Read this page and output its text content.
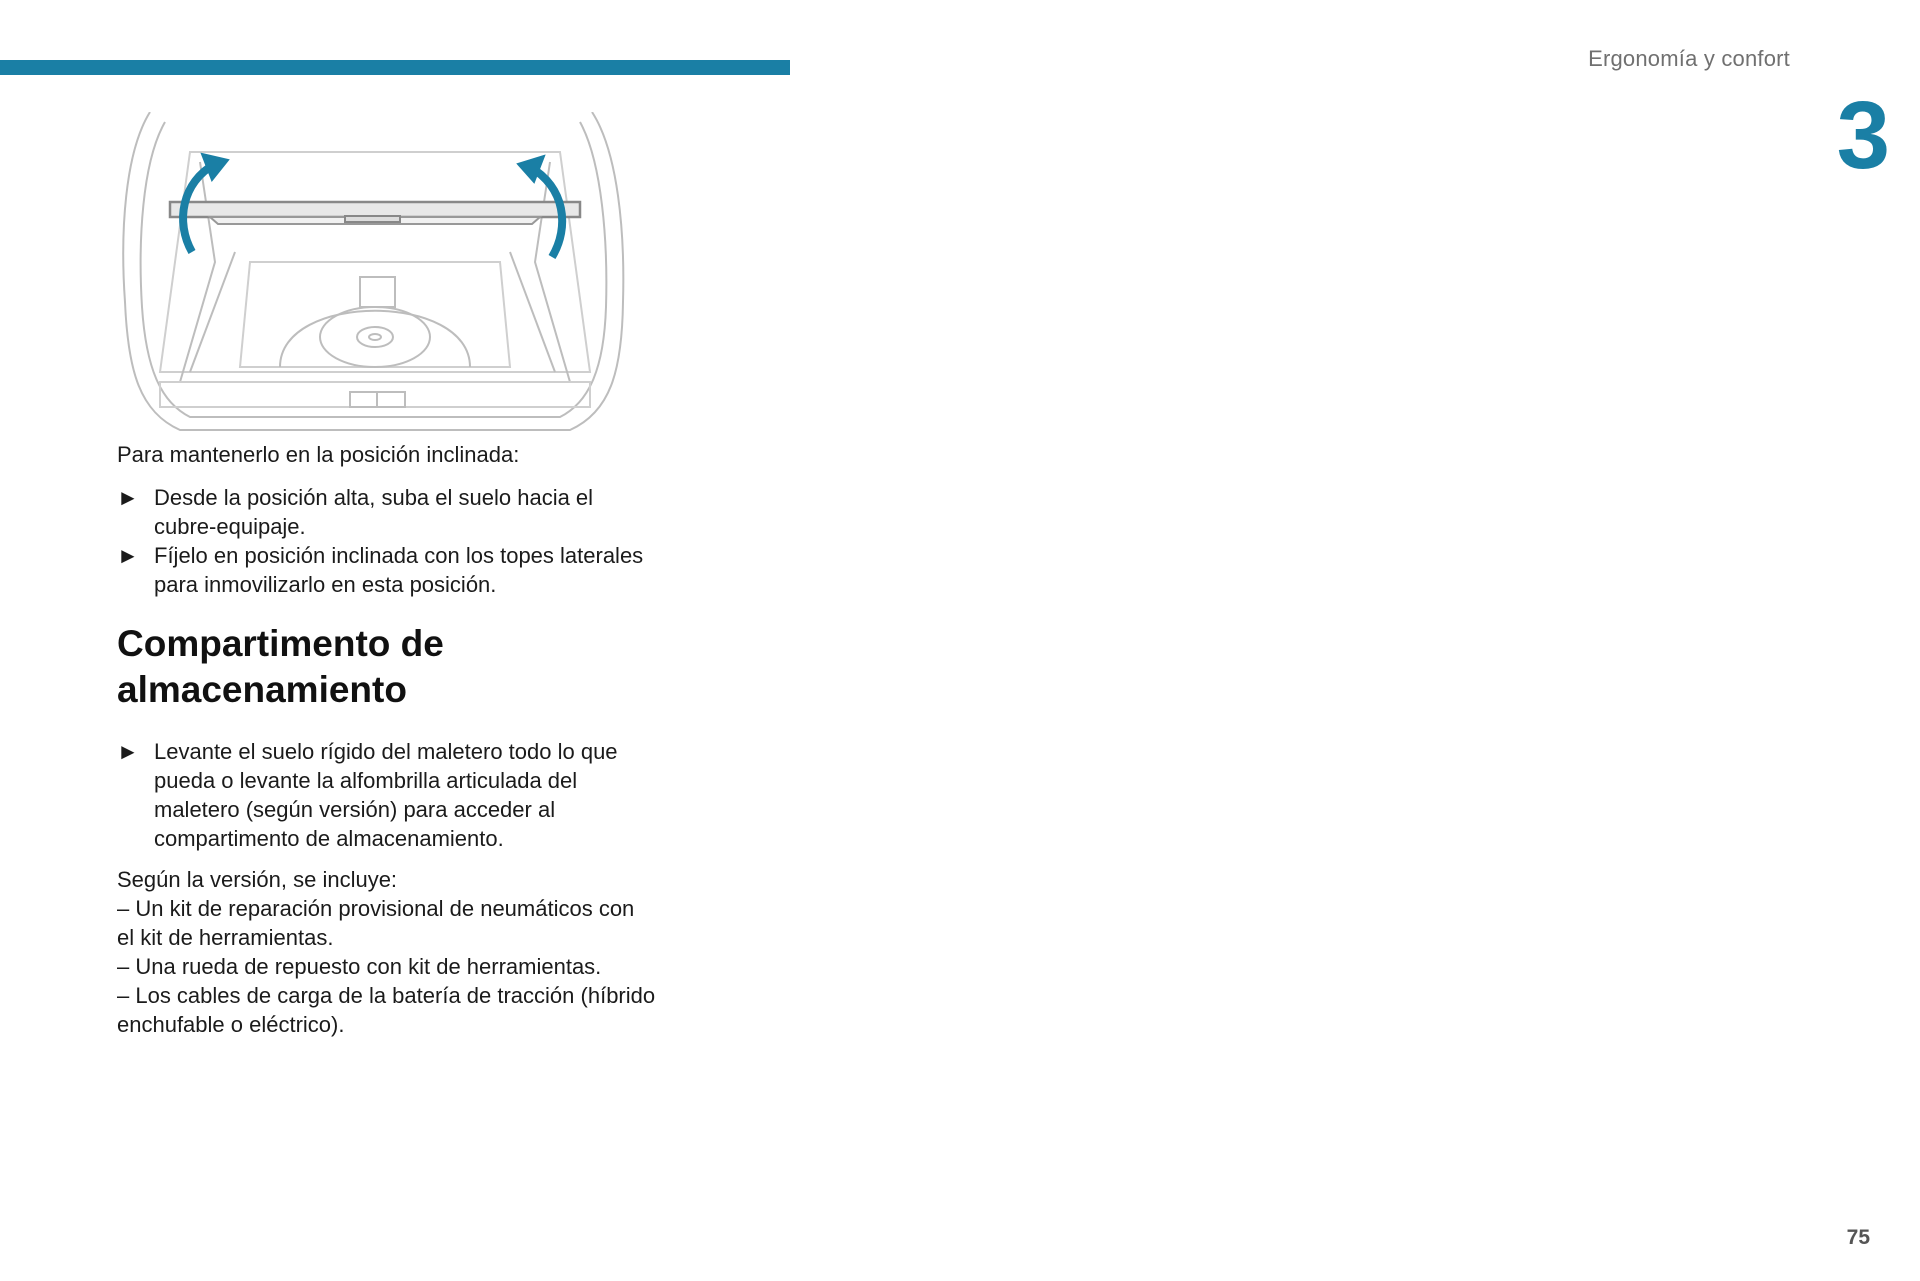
Ergonomía y confort
3

Para mantenerlo en la posición inclinada:

► Desde la posición alta, suba el suelo hacia el cubre-equipaje.

► Fíjelo en posición inclinada con los topes laterales para inmovilizarlo en esta posición.

Compartimento de
almacenamiento

► Levante el suelo rígido del maletero todo lo que pueda o levante la alfombrilla articulada del maletero (según versión) para acceder al compartimento de almacenamiento.

Según la versión, se incluye:

– Un kit de reparación provisional de neumáticos con el kit de herramientas.

– Una rueda de repuesto con kit de herramientas.

– Los cables de carga de la batería de tracción (híbrido enchufable o eléctrico).

75
